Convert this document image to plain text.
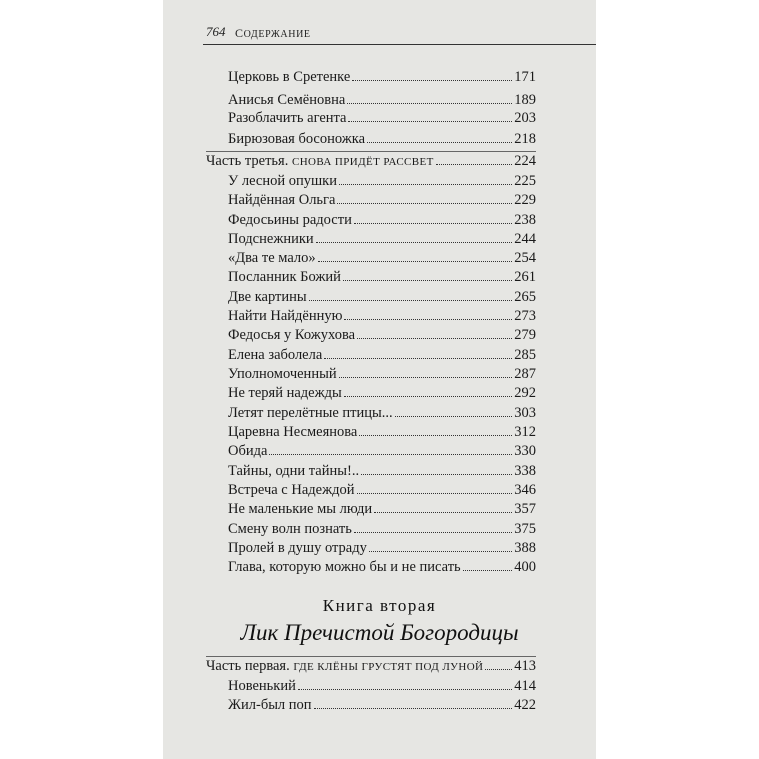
764 СОДЕРЖАНИЕ
Церковь в Сретенке	171
Анисья Семёновна	189
Разоблачить агента	203
Бирюзовая босоножка	218
Часть третья. СНОВА ПРИДЁТ РАССВЕТ	224
У лесной опушки	225
Найдённая Ольга	229
Федосьины радости	238
Подснежники	244
«Два те мало»	254
Посланник Божий	261
Две картины	265
Найти Найдённую	273
Федосья у Кожухова	279
Елена заболела	285
Уполномоченный	287
Не теряй надежды	292
Летят перелётные птицы...	303
Царевна Несмеянова	312
Обида	330
Тайны, одни тайны!..	338
Встреча с Надеждой	346
Не маленькие мы люди	357
Смену волн познать	375
Пролей в душу отраду	388
Глава, которую можно бы и не писать	400
Книга вторая
Лик Пречистой Богородицы
Часть первая. ГДЕ КЛЁНЫ ГРУСТЯТ ПОД ЛУНОЙ 413
Новенький	414
Жил-был поп	422
